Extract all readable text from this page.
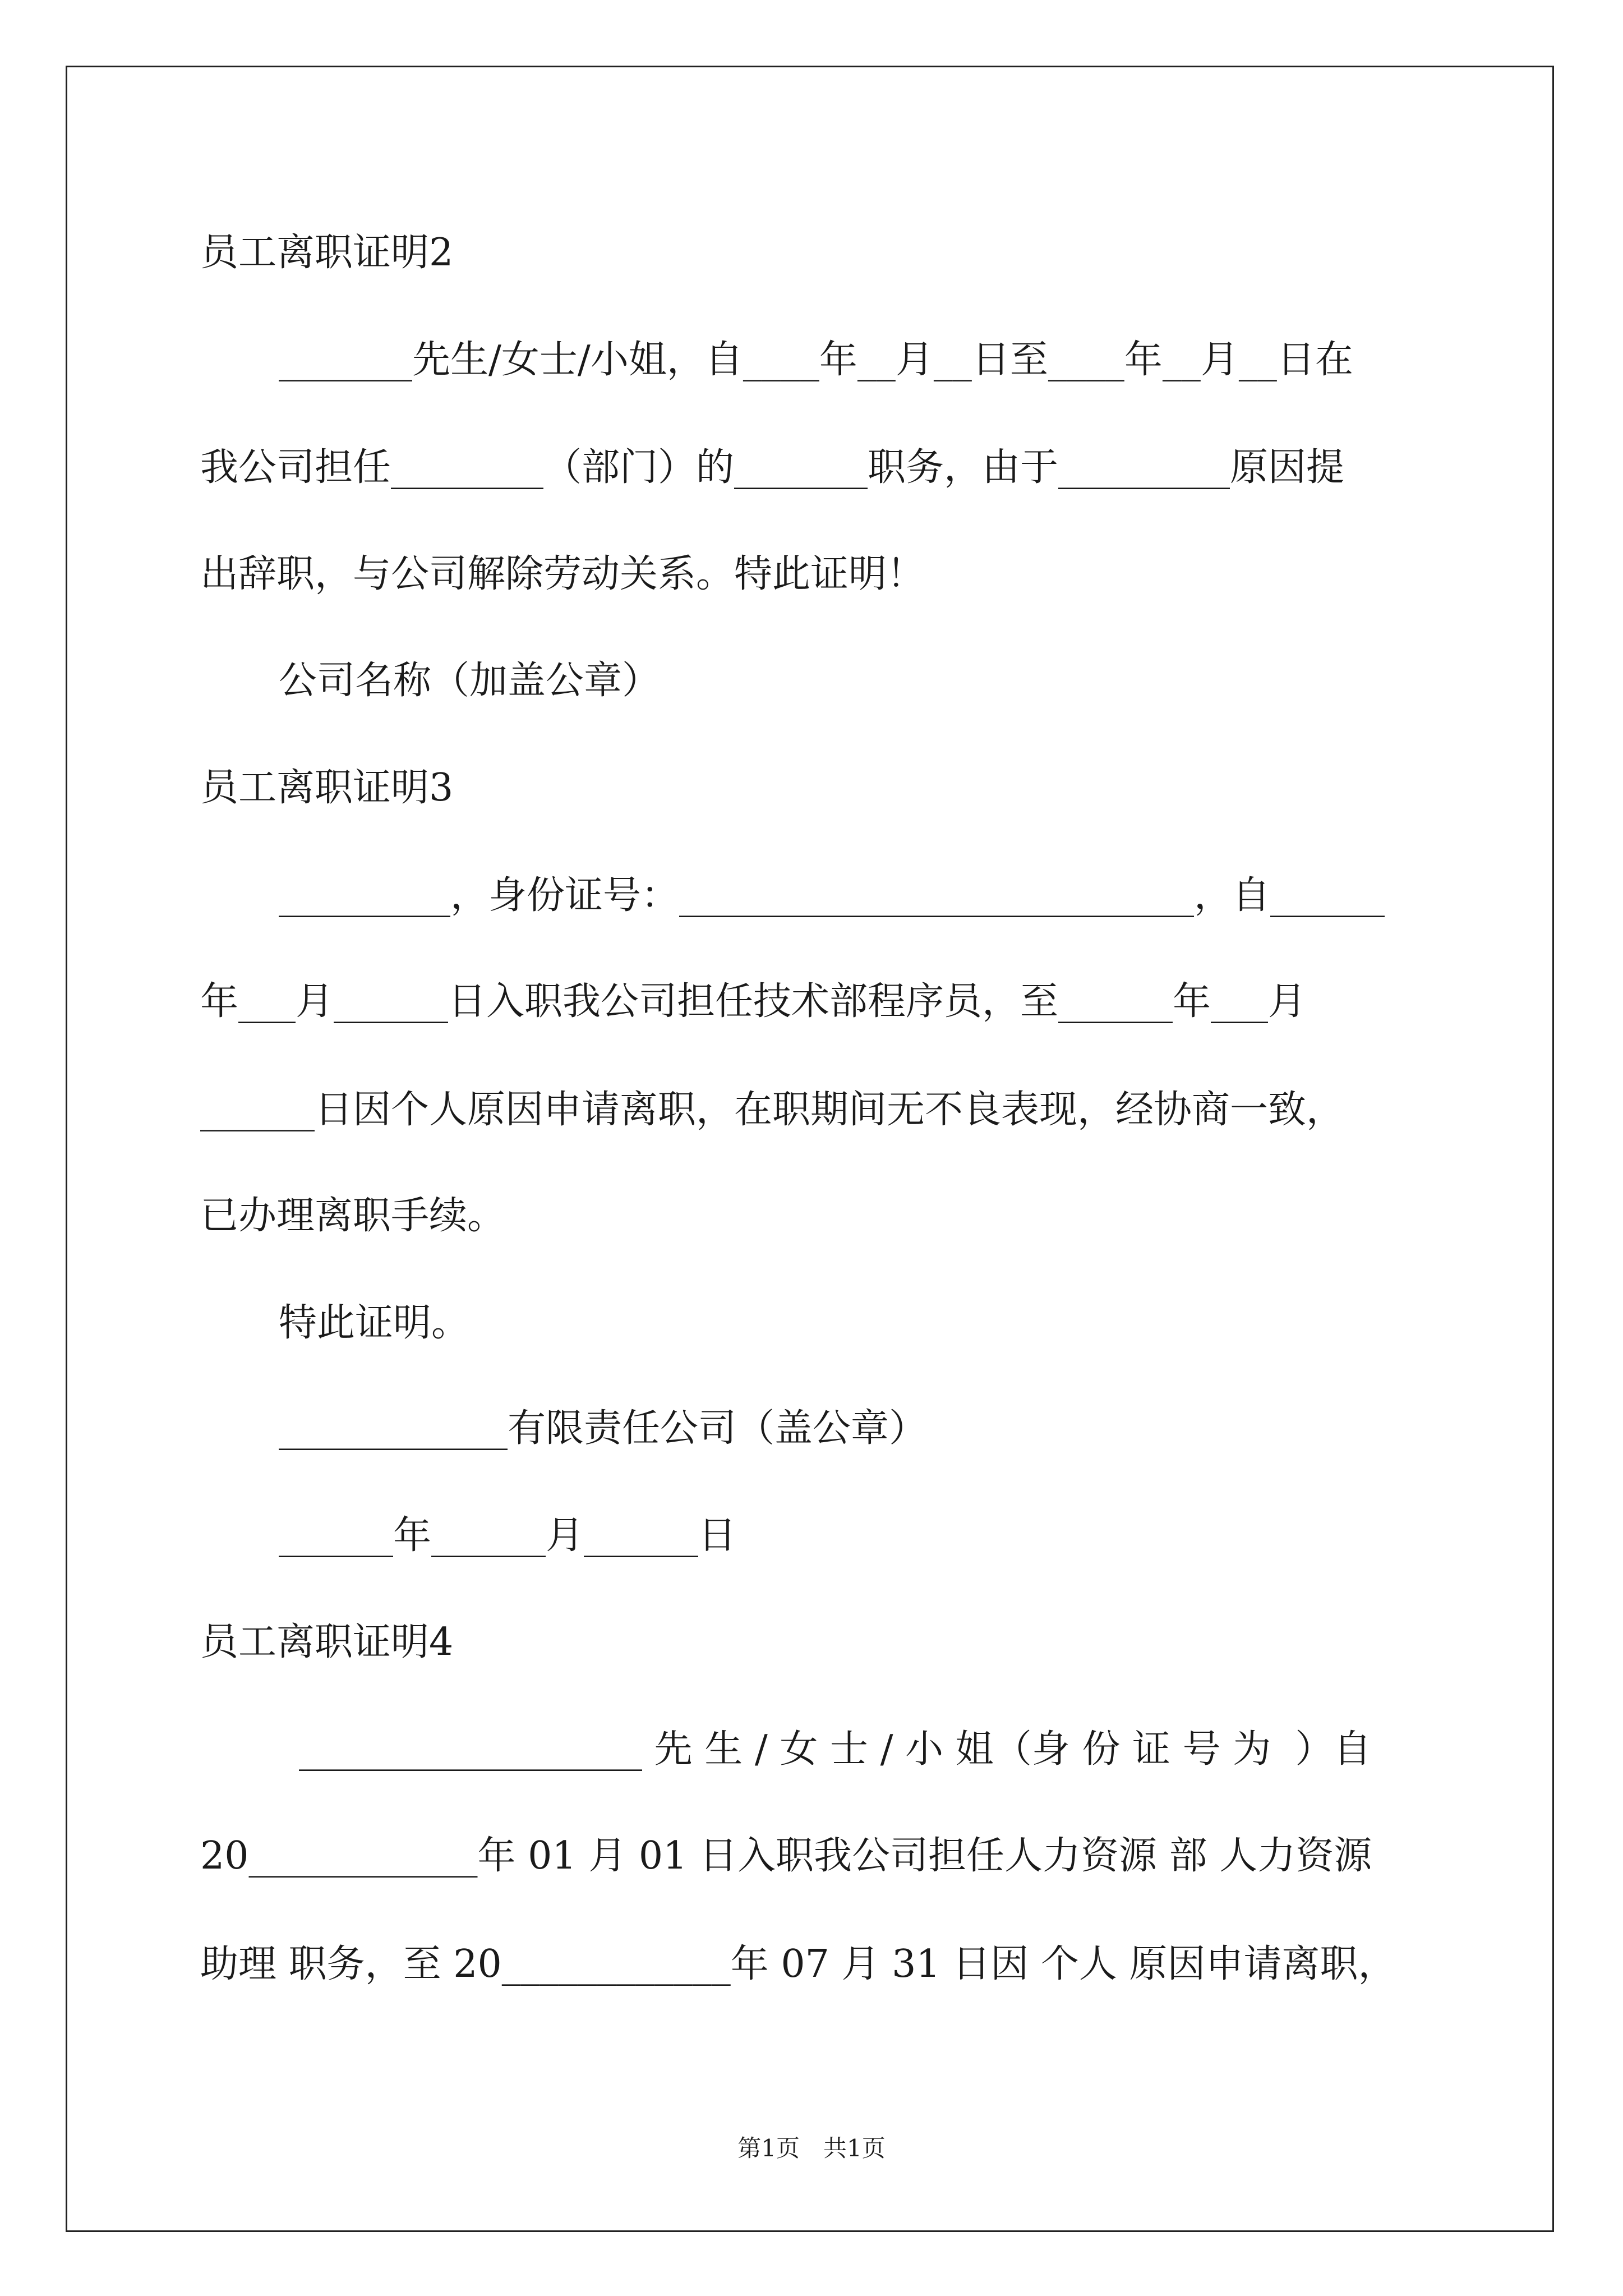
员工离职证明2
_______先生/女士/小姐，自____年__月__日至____年__月__日在
我公司担任________（部门）的_______职务，由于_________原因提
出辞职，与公司解除劳动关系。特此证明！
公司名称（加盖公章）
员工离职证明3
_________，身份证号：___________________________，自______
年___月______日入职我公司担任技术部程序员，至______年___月
______日因个人原因申请离职，在职期间无不良表现，经协商一致，
已办理离职手续。
特此证明。
____________有限责任公司（盖公章）
______年______月______日
员工离职证明4
__________________ 先 生 / 女 士 / 小 姐（身 份 证 号 为  ）自
20____________年 01 月 01 日入职我公司担任人力资源 部 人力资源
助理 职务，至 20____________年 07 月 31 日因 个人 原因申请离职，
第1页　共1页
